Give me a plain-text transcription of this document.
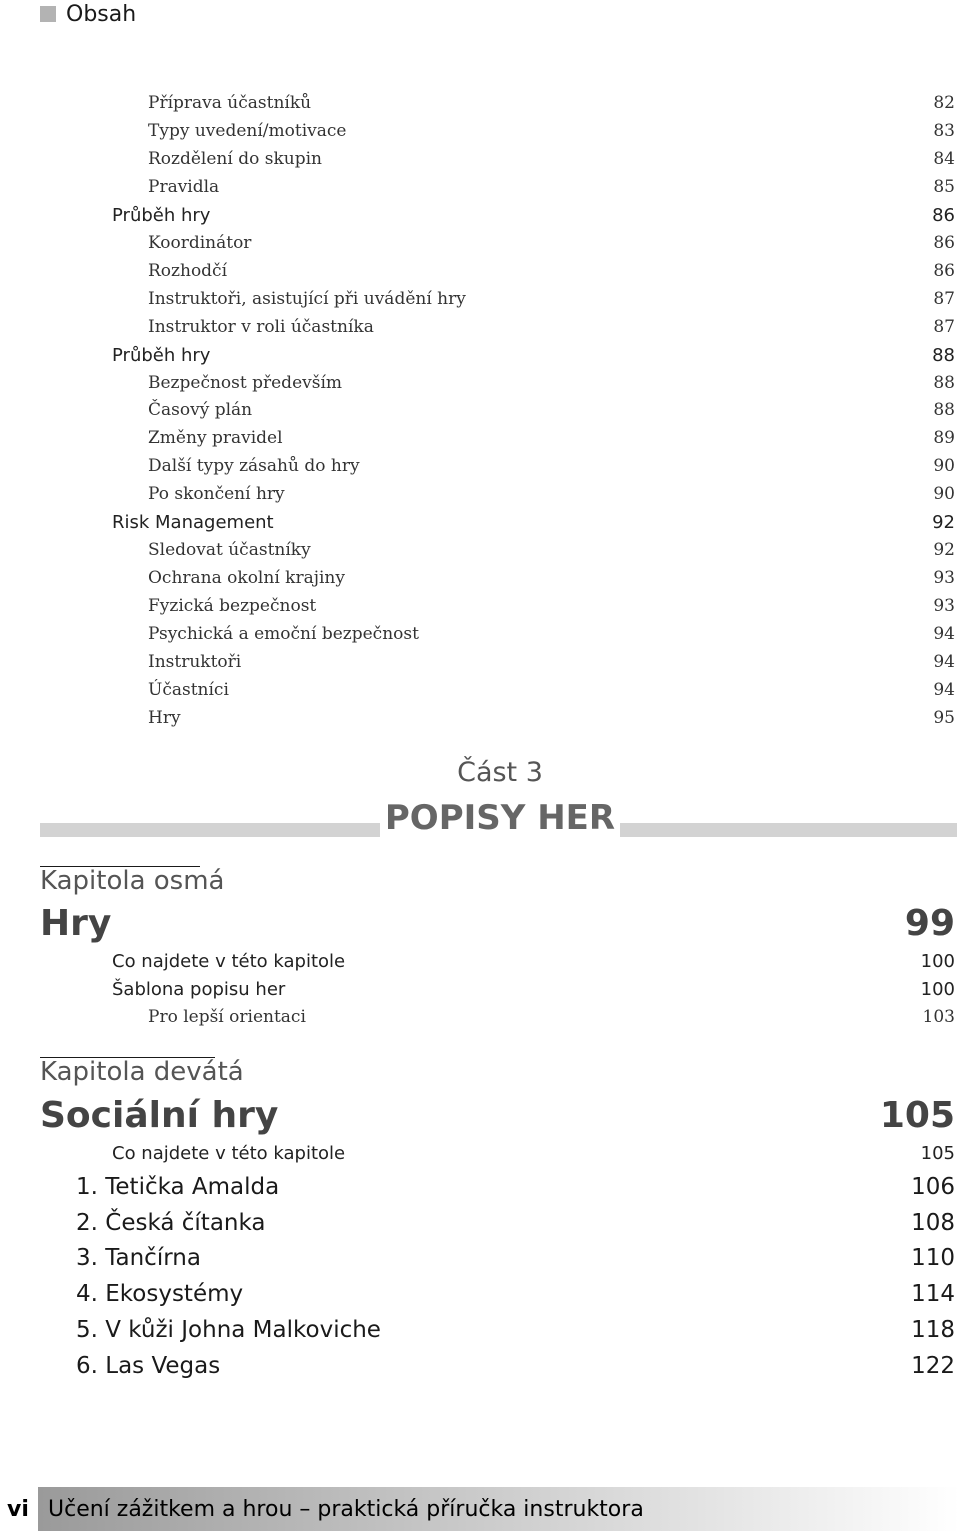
Obsah
Příprava účastníků	82
Typy uvedení/motivace	83
Rozdělení do skupin	84
Pravidla	85
Průběh hry	86
Koordinátor	86
Rozhodčí	86
Instruktoři, asistující při uvádění hry	87
Instruktor v roli účastníka	87
Průběh hry	88
Bezpečnost především	88
Časový plán	88
Změny pravidel	89
Další typy zásahů do hry	90
Po skončení hry	90
Risk Management	92
Sledovat účastníky	92
Ochrana okolní krajiny	93
Fyzická bezpečnost	93
Psychická a emoční bezpečnost	94
Instruktoři	94
Účastníci	94
Hry	95
Část 3
POPISY HER
Kapitola osmá
Hry	99
Co najdete v této kapitole	100
Šablona popisu her	100
Pro lepší orientaci	103
Kapitola devátá
Sociální hry	105
Co najdete v této kapitole	105
1. Tetička Amalda	106
2. Česká čítanka	108
3. Tančírna	110
4. Ekosystémy	114
5. V kůži Johna Malkoviche	118
6. Las Vegas	122
vi Učení zážitkem a hrou – praktická příručka instruktora
